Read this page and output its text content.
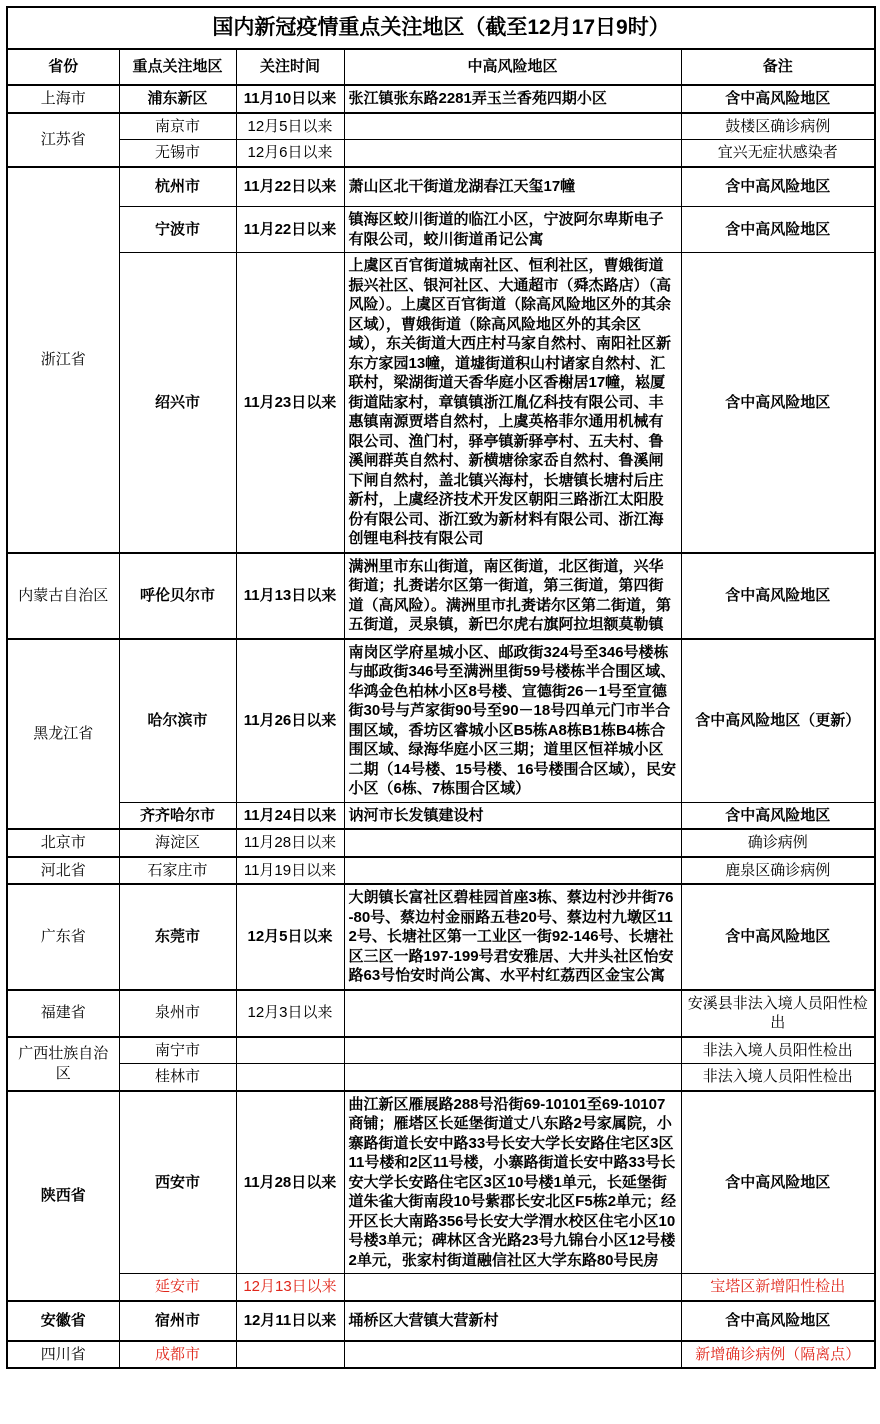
国内新冠疫情重点关注地区（截至12月17日9时）				
省份	重点关注地区	关注时间	中高风险地区	备注
上海市	浦东新区	11月10日以来	张江镇张东路2281弄玉兰香苑四期小区	含中高风险地区
江苏省	南京市	12月5日以来		鼓楼区确诊病例
	无锡市	12月6日以来		宜兴无症状感染者
浙江省	杭州市	11月22日以来	萧山区北干街道龙湖春江天玺17幢	含中高风险地区
	宁波市	11月22日以来	镇海区蛟川街道的临江小区，宁波阿尔卑斯电子有限公司，蛟川街道甬记公寓	含中高风险地区
	绍兴市	11月23日以来	上虞区百官街道城南社区、恒利社区，曹娥街道振兴社区、银河社区、大通超市（舜杰路店）（高风险）。上虞区百官街道（除高风险地区外的其余区域），曹娥街道（除高风险地区外的其余区域），东关街道大西庄村马家自然村、南阳社区新东方家园13幢，道墟街道积山村诸家自然村、汇联村，梁湖街道天香华庭小区香榭居17幢，崧厦街道陆家村，章镇镇浙江胤亿科技有限公司、丰惠镇南源贾塔自然村，上虞英格菲尔通用机械有限公司、渔门村，驿亭镇新驿亭村、五夫村、鲁溪闸群英自然村、新横塘徐家岙自然村、鲁溪闸下闸自然村，盖北镇兴海村，长塘镇长塘村后庄新村，上虞经济技术开发区朝阳三路浙江太阳股份有限公司、浙江致为新材料有限公司、浙江海创锂电科技有限公司	含中高风险地区
内蒙古自治区	呼伦贝尔市	11月13日以来	满洲里市东山街道，南区街道，北区街道，兴华街道；扎赉诺尔区第一街道，第三街道，第四街道（高风险）。满洲里市扎赉诺尔区第二街道，第五街道，灵泉镇，新巴尔虎右旗阿拉坦额莫勒镇	含中高风险地区
黑龙江省	哈尔滨市	11月26日以来	南岗区学府星城小区、邮政街324号至346号楼栋与邮政街346号至满洲里街59号楼栋半合围区域、华鸿金色柏林小区8号楼、宣德街26－1号至宣德街30号与芦家街90号至90－18号四单元门市半合围区域，香坊区睿城小区B5栋A8栋B1栋B4栋合围区域、绿海华庭小区三期；道里区恒祥城小区二期（14号楼、15号楼、16号楼围合区域），民安小区（6栋、7栋围合区域）	含中高风险地区（更新）
	齐齐哈尔市	11月24日以来	讷河市长发镇建设村	含中高风险地区
北京市	海淀区	11月28日以来		确诊病例
河北省	石家庄市	11月19日以来		鹿泉区确诊病例
广东省	东莞市	12月5日以来	大朗镇长富社区碧桂园首座3栋、蔡边村沙井街76-80号、蔡边村金丽路五巷20号、蔡边村九墩区112号、长塘社区第一工业区一街92-146号、长塘社区三区一路197-199号君安雅居、大井头社区怡安路63号怡安时尚公寓、水平村红荔西区金宝公寓	含中高风险地区
福建省	泉州市	12月3日以来		安溪县非法入境人员阳性检出
广西壮族自治区	南宁市			非法入境人员阳性检出
	桂林市			非法入境人员阳性检出
陕西省	西安市	11月28日以来	曲江新区雁展路288号沿街69-10101至69-10107商铺；雁塔区长延堡街道丈八东路2号家属院，小寨路街道长安中路33号长安大学长安路住宅区3区11号楼和2区11号楼，小寨路街道长安中路33号长安大学长安路住宅区3区10号楼1单元，长延堡街道朱雀大街南段10号紫郡长安北区F5栋2单元；经开区长大南路356号长安大学渭水校区住宅小区10号楼3单元；碑林区含光路23号九锦台小区12号楼2单元，张家村街道融信社区大学东路80号民房	含中高风险地区
	延安市	12月13日以来		宝塔区新增阳性检出
安徽省	宿州市	12月11日以来	埇桥区大营镇大营新村	含中高风险地区
四川省	成都市			新增确诊病例（隔离点）
